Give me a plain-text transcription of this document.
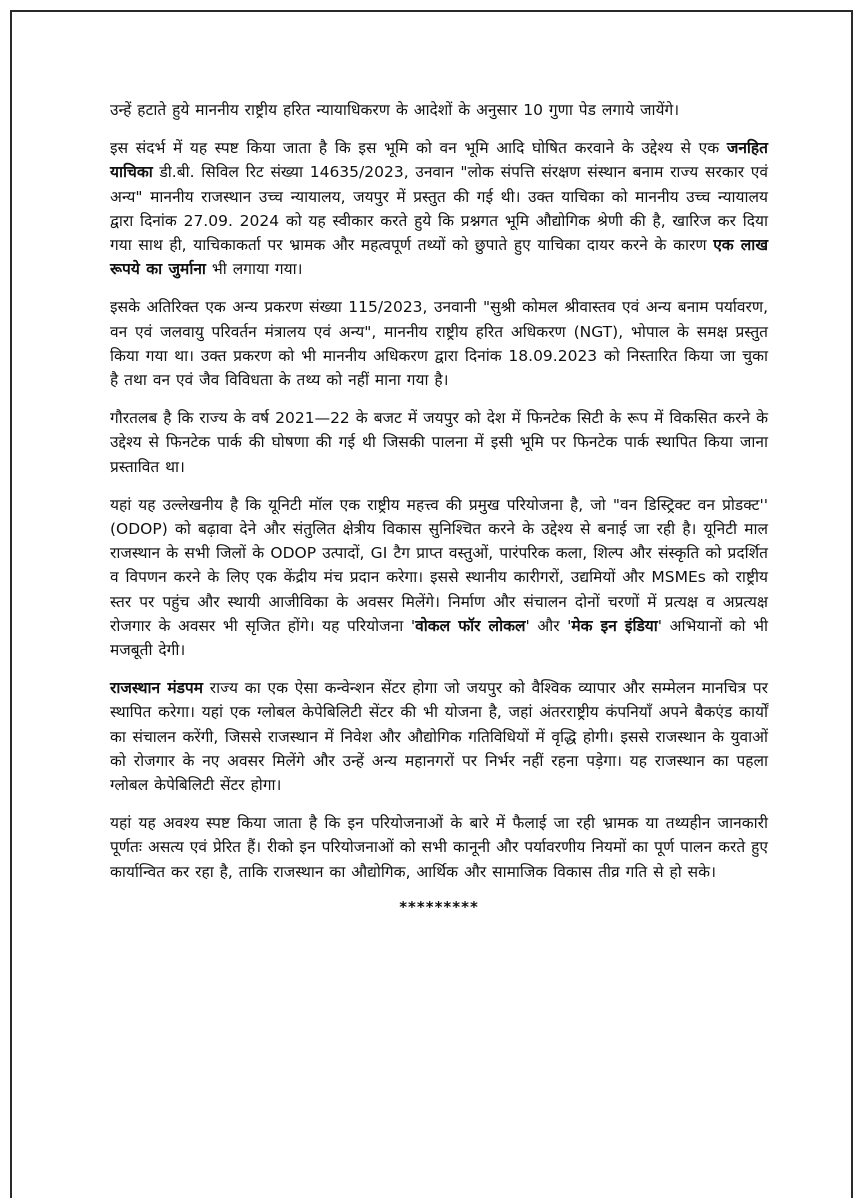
उन्हें हटाते हुये माननीय राष्ट्रीय हरित न्यायाधिकरण के आदेशों के अनुसार 10 गुणा पेड लगाये जायेंगे।

इस संदर्भ में यह स्पष्ट किया जाता है कि इस भूमि को वन भूमि आदि घोषित करवाने के उद्देश्य से एक जनहित याचिका डी.बी. सिविल रिट संख्या 14635/2023, उनवान "लोक संपत्ति संरक्षण संस्थान बनाम राज्य सरकार एवं अन्य" माननीय राजस्थान उच्च न्यायालय, जयपुर में प्रस्तुत की गई थी। उक्त याचिका को माननीय उच्च न्यायालय द्वारा दिनांक 27.09. 2024 को यह स्वीकार करते हुये कि प्रश्नगत भूमि औद्योगिक श्रेणी की है, खारिज कर दिया गया साथ ही, याचिकाकर्ता पर भ्रामक और महत्वपूर्ण तथ्यों को छुपाते हुए याचिका दायर करने के कारण एक लाख रूपये का जुर्माना भी लगाया गया।

इसके अतिरिक्त एक अन्य प्रकरण संख्या 115/2023, उनवानी "सुश्री कोमल श्रीवास्तव एवं अन्य बनाम पर्यावरण, वन एवं जलवायु परिवर्तन मंत्रालय एवं अन्य", माननीय राष्ट्रीय हरित अधिकरण (NGT), भोपाल के समक्ष प्रस्तुत किया गया था। उक्त प्रकरण को भी माननीय अधिकरण द्वारा दिनांक 18.09.2023 को निस्तारित किया जा चुका है तथा वन एवं जैव विविधता के तथ्य को नहीं माना गया है।

गौरतलब है कि राज्य के वर्ष 2021—22 के बजट में जयपुर को देश में फिनटेक सिटी के रूप में विकसित करने के उद्देश्य से फिनटेक पार्क की घोषणा की गई थी जिसकी पालना में इसी भूमि पर फिनटेक पार्क स्थापित किया जाना प्रस्तावित था।

यहां यह उल्लेखनीय है कि यूनिटी मॉल एक राष्ट्रीय महत्त्व की प्रमुख परियोजना है, जो "वन डिस्ट्रिक्ट वन प्रोडक्ट'' (ODOP) को बढ़ावा देने और संतुलित क्षेत्रीय विकास सुनिश्चित करने के उद्देश्य से बनाई जा रही है। यूनिटी माल राजस्थान के सभी जिलों के ODOP उत्पादों, GI टैग प्राप्त वस्तुओं, पारंपरिक कला, शिल्प और संस्कृति को प्रदर्शित व विपणन करने के लिए एक केंद्रीय मंच प्रदान करेगा। इससे स्थानीय कारीगरों, उद्यमियों और MSMEs को राष्ट्रीय स्तर पर पहुंच और स्थायी आजीविका के अवसर मिलेंगे। निर्माण और संचालन दोनों चरणों में प्रत्यक्ष व अप्रत्यक्ष रोजगार के अवसर भी सृजित होंगे। यह परियोजना 'वोकल फॉर लोकल' और 'मेक इन इंडिया' अभियानों को भी मजबूती देगी।

राजस्थान मंडपम राज्य का एक ऐसा कन्वेन्शन सेंटर होगा जो जयपुर को वैश्विक व्यापार और सम्मेलन मानचित्र पर स्थापित करेगा। यहां एक ग्लोबल केपेबिलिटी सेंटर की भी योजना है, जहां अंतरराष्ट्रीय कंपनियाँ अपने बैकएंड कार्यों का संचालन करेंगी, जिससे राजस्थान में निवेश और औद्योगिक गतिविधियों में वृद्धि होगी। इससे राजस्थान के युवाओं को रोजगार के नए अवसर मिलेंगे और उन्हें अन्य महानगरों पर निर्भर नहीं रहना पड़ेगा। यह राजस्थान का पहला ग्लोबल केपेबिलिटी सेंटर होगा।

यहां यह अवश्य स्पष्ट किया जाता है कि इन परियोजनाओं के बारे में फैलाई जा रही भ्रामक या तथ्यहीन जानकारी पूर्णतः असत्य एवं प्रेरित हैं। रीको इन परियोजनाओं को सभी कानूनी और पर्यावरणीय नियमों का पूर्ण पालन करते हुए कार्यान्वित कर रहा है, ताकि राजस्थान का औद्योगिक, आर्थिक और सामाजिक विकास तीव्र गति से हो सके।

*********
